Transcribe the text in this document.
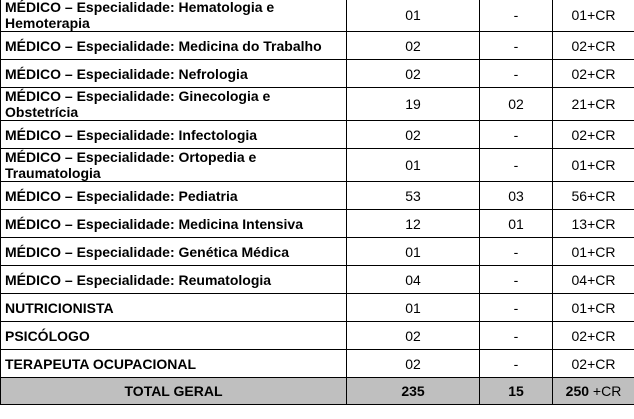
MÉDICO – Especialidade: Hematologia e Hemoterapia	01	-	01+CR
MÉDICO – Especialidade: Medicina do Trabalho	02	-	02+CR
MÉDICO – Especialidade: Nefrologia	02	-	02+CR
MÉDICO – Especialidade: Ginecologia e Obstetrícia	19	02	21+CR
MÉDICO – Especialidade: Infectologia	02	-	02+CR
MÉDICO – Especialidade: Ortopedia e Traumatologia	01	-	01+CR
MÉDICO – Especialidade: Pediatria	53	03	56+CR
MÉDICO – Especialidade: Medicina Intensiva	12	01	13+CR
MÉDICO – Especialidade: Genética Médica	01	-	01+CR
MÉDICO – Especialidade: Reumatologia	04	-	04+CR
NUTRICIONISTA	01	-	01+CR
PSICÓLOGO	02	-	02+CR
TERAPEUTA OCUPACIONAL	02	-	02+CR
TOTAL GERAL	235	15	250 +CR
